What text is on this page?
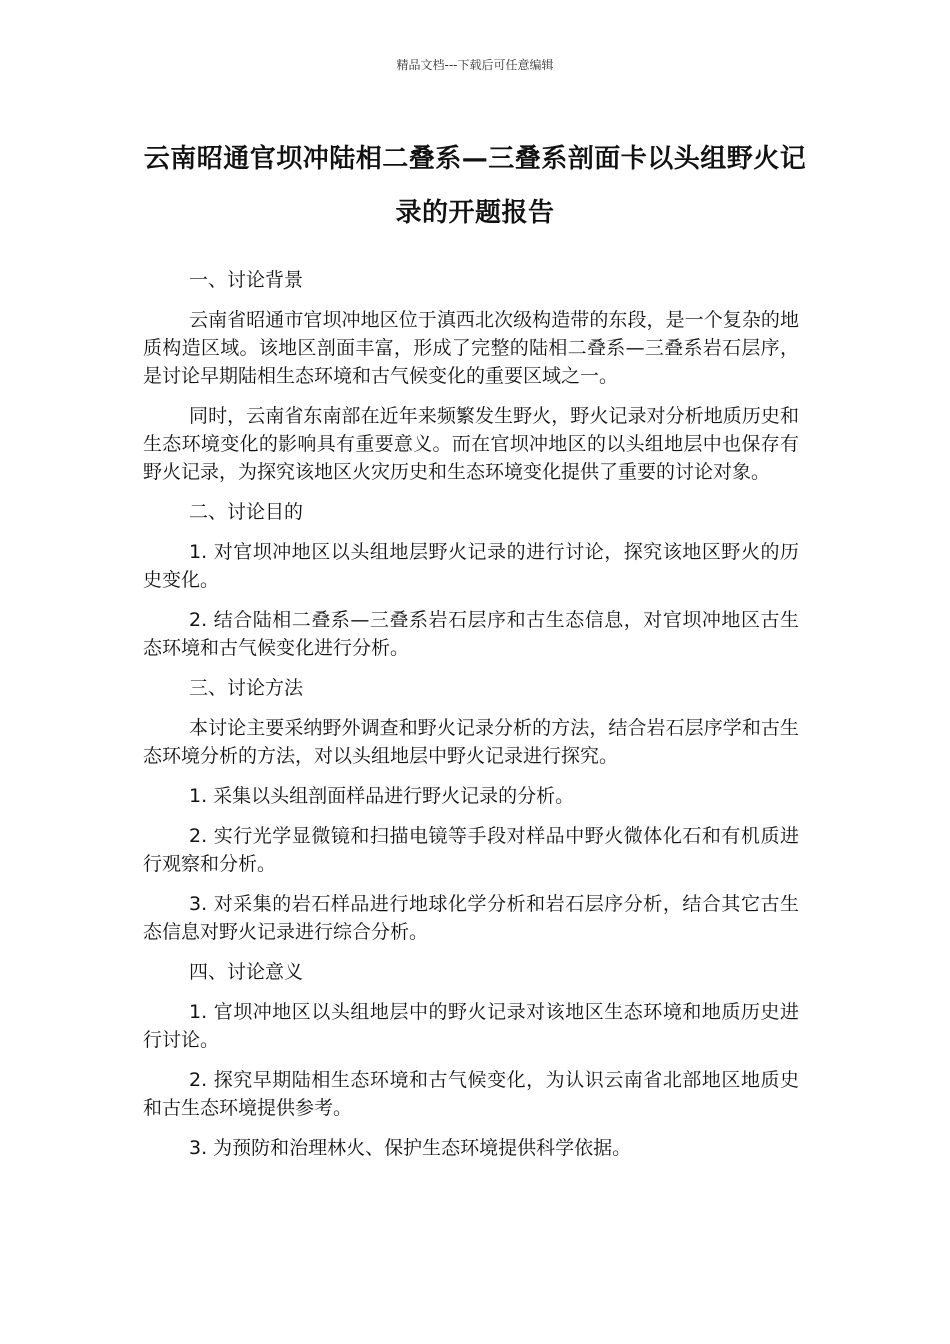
精品文档---下载后可任意编辑
云南昭通官坝冲陆相二叠系—三叠系剖面卡以头组野火记录的开题报告

一、讨论背景

云南省昭通市官坝冲地区位于滇西北次级构造带的东段，是一个复杂的地质构造区域。该地区剖面丰富，形成了完整的陆相二叠系—三叠系岩石层序，是讨论早期陆相生态环境和古气候变化的重要区域之一。

同时，云南省东南部在近年来频繁发生野火，野火记录对分析地质历史和生态环境变化的影响具有重要意义。而在官坝冲地区的以头组地层中也保存有野火记录，为探究该地区火灾历史和生态环境变化提供了重要的讨论对象。

二、讨论目的

1. 对官坝冲地区以头组地层野火记录的进行讨论，探究该地区野火的历史变化。

2. 结合陆相二叠系—三叠系岩石层序和古生态信息，对官坝冲地区古生态环境和古气候变化进行分析。

三、讨论方法

本讨论主要采纳野外调查和野火记录分析的方法，结合岩石层序学和古生态环境分析的方法，对以头组地层中野火记录进行探究。

1. 采集以头组剖面样品进行野火记录的分析。

2. 实行光学显微镜和扫描电镜等手段对样品中野火微体化石和有机质进行观察和分析。

3. 对采集的岩石样品进行地球化学分析和岩石层序分析，结合其它古生态信息对野火记录进行综合分析。

四、讨论意义

1. 官坝冲地区以头组地层中的野火记录对该地区生态环境和地质历史进行讨论。

2. 探究早期陆相生态环境和古气候变化，为认识云南省北部地区地质史和古生态环境提供参考。

3. 为预防和治理林火、保护生态环境提供科学依据。
